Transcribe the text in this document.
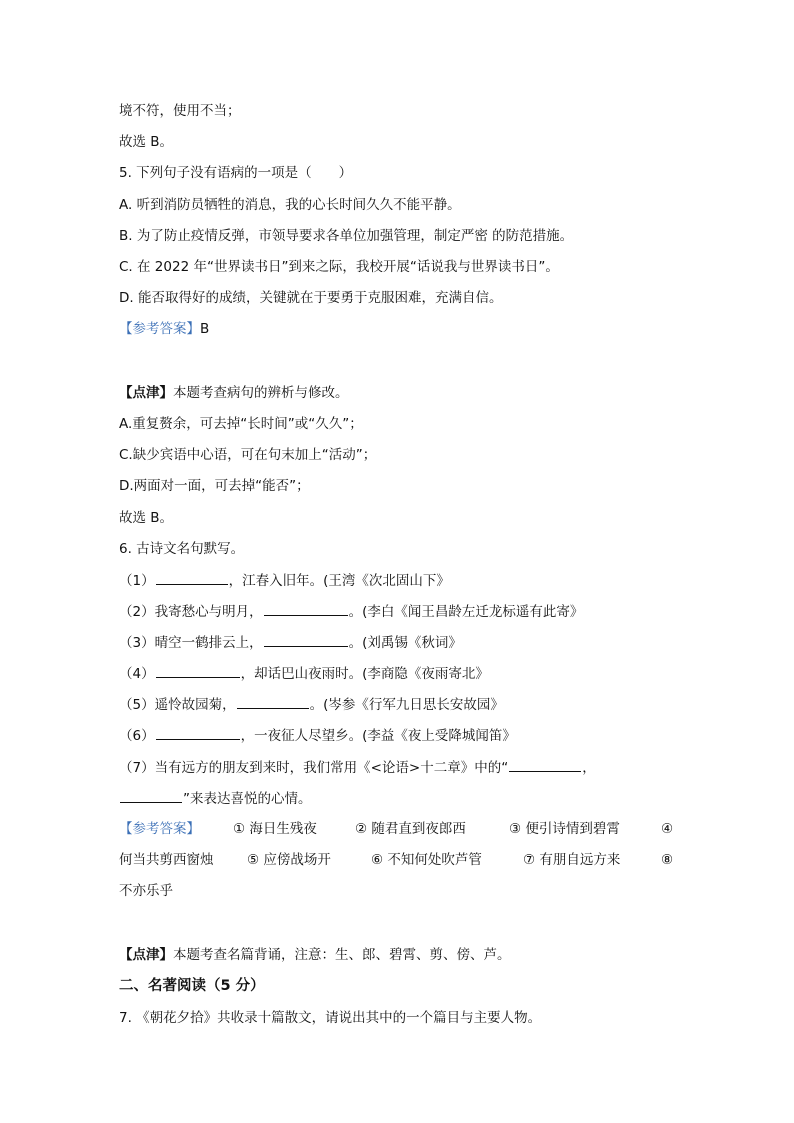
境不符，使用不当；
故选 B。
5. 下列句子没有语病的一项是（　　）
A. 听到消防员牺牲的消息，我的心长时间久久不能平静。
B. 为了防止疫情反弹，市领导要求各单位加强管理，制定严密 的防范措施。
C. 在 2022 年“世界读书日”到来之际，我校开展“话说我与世界读书日”。
D. 能否取得好的成绩，关键就在于要勇于克服困难，充满自信。
【参考答案】B
【点津】本题考查病句的辨析与修改。
A.重复赘余，可去掉“长时间”或“久久”；
C.缺少宾语中心语，可在句末加上“活动”；
D.两面对一面，可去掉“能否”；
故选 B。
6. 古诗文名句默写。
（1）	，江春入旧年。(王湾《次北固山下》
（2）我寄愁心与明月，	。(李白《闻王昌龄左迁龙标遥有此寄》
（3）晴空一鹤排云上，	。(刘禹锡《秋词》
（4）	，却话巴山夜雨时。(李商隐《夜雨寄北》
（5）遥怜故园菊，	。(岑参《行军九日思长安故园》
（6）	，一夜征人尽望乡。(李益《夜上受降城闻笛》
（7）当有远方的朋友到来时，我们常用《<论语>十二章》中的“	，
”来表达喜悦的心情。
【参考答案】 ① 海日生残夜	② 随君直到夜郎西	③ 便引诗情到碧霄	④
何当共剪西窗烛 ⑤ 应傍战场开	⑥ 不知何处吹芦管	⑦ 有朋自远方来	⑧
不亦乐乎
【点津】本题考查名篇背诵，注意：生、郎、碧霄、剪、傍、芦。
二、名著阅读（5 分）
7. 《朝花夕拾》共收录十篇散文，请说出其中的一个篇目与主要人物。
